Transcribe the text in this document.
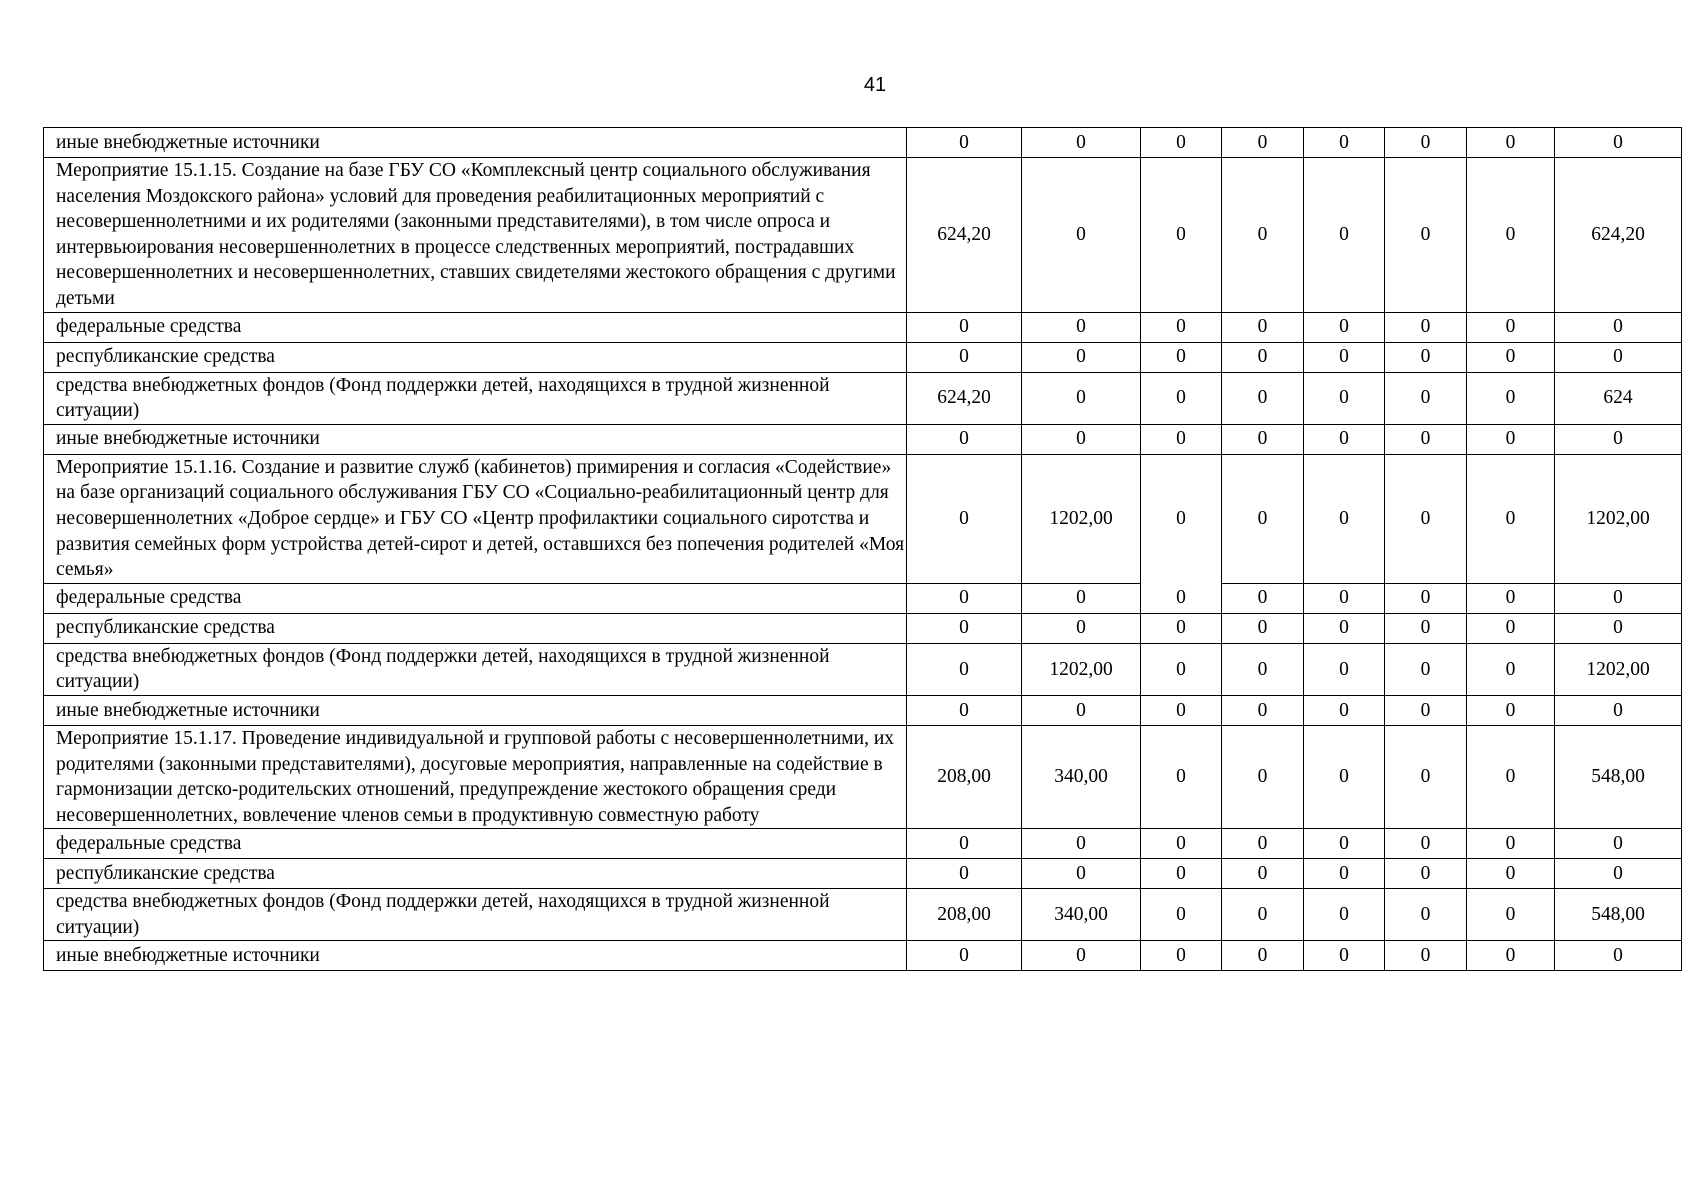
41
иные внебюджетные источники	0	0	0	0	0	0	0	0
Мероприятие 15.1.15. Создание на базе ГБУ СО «Комплексный центр социального обслуживания населения Моздокского района» условий для проведения реабилитационных мероприятий с несовершеннолетними и их родителями (законными представителями), в том числе опроса и интервьюирования несовершеннолетних в процессе следственных мероприятий, пострадавших несовершеннолетних и несовершеннолетних, ставших свидетелями жестокого обращения с другими детьми	624,20	0	0	0	0	0	0	624,20
федеральные средства	0	0	0	0	0	0	0	0
республиканские средства	0	0	0	0	0	0	0	0
средства внебюджетных фондов (Фонд поддержки детей, находящихся в трудной жизненной ситуации)	624,20	0	0	0	0	0	0	624
иные внебюджетные источники	0	0	0	0	0	0	0	0
Мероприятие 15.1.16. Создание и развитие служб (кабинетов) примирения и согласия «Содействие» на базе организаций социального обслуживания ГБУ СО «Социально-реабилитационный центр для несовершеннолетних «Доброе сердце» и ГБУ СО «Центр профилактики социального сиротства и развития семейных форм устройства детей-сирот и детей, оставшихся без попечения родителей «Моя семья»	0	1202,00	0	0	0	0	0	1202,00
федеральные средства	0	0	0	0	0	0	0	0
республиканские средства	0	0	0	0	0	0	0	0
средства внебюджетных фондов (Фонд поддержки детей, находящихся в трудной жизненной ситуации)	0	1202,00	0	0	0	0	0	1202,00
иные внебюджетные источники	0	0	0	0	0	0	0	0
Мероприятие 15.1.17. Проведение индивидуальной и групповой работы с несовершеннолетними, их родителями (законными представителями), досуговые мероприятия, направленные на содействие в гармонизации детско-родительских отношений, предупреждение жестокого обращения среди несовершеннолетних, вовлечение членов семьи в продуктивную совместную работу	208,00	340,00	0	0	0	0	0	548,00
федеральные средства	0	0	0	0	0	0	0	0
республиканские средства	0	0	0	0	0	0	0	0
средства внебюджетных фондов (Фонд поддержки детей, находящихся в трудной жизненной ситуации)	208,00	340,00	0	0	0	0	0	548,00
иные внебюджетные источники	0	0	0	0	0	0	0	0
